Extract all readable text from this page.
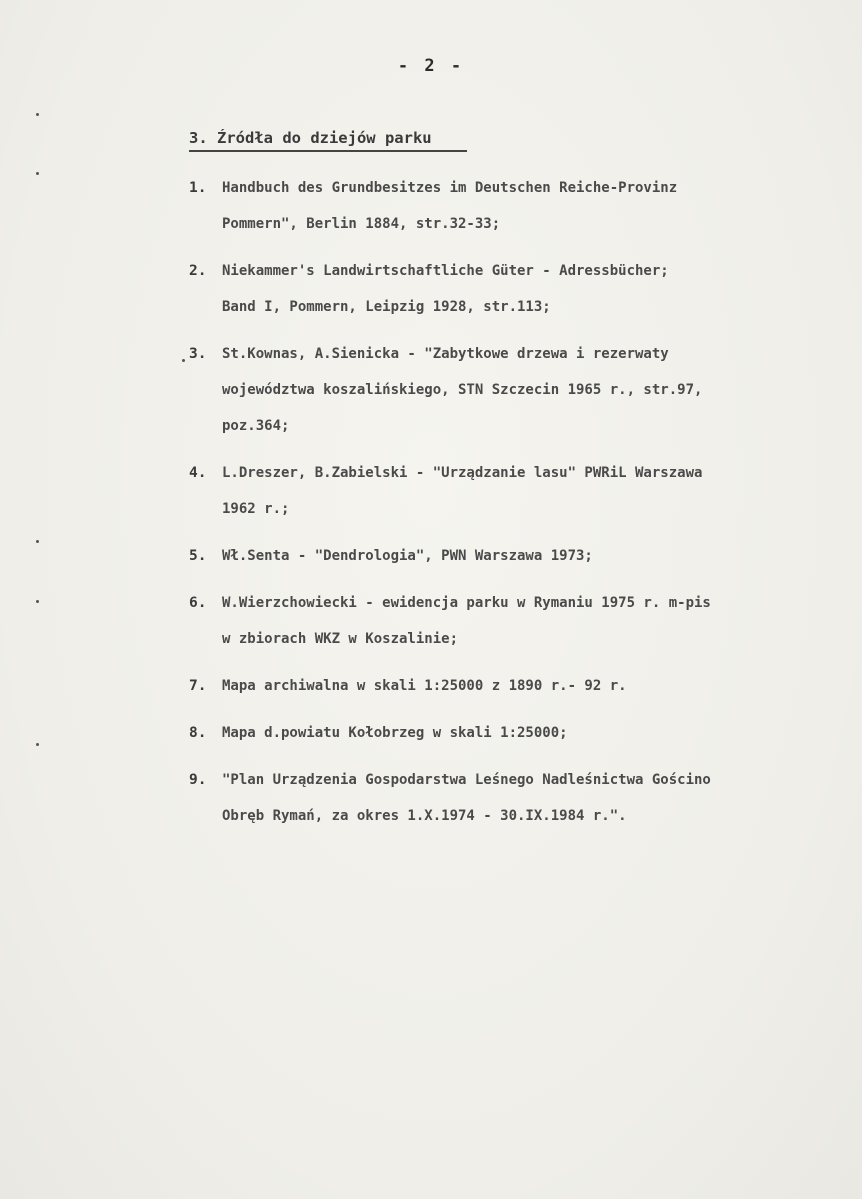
- 2 -
3. Źródła do dziejów parku
1. Handbuch des Grundbesitzes im Deutschen Reiche-Provinz
Pommern", Berlin 1884, str.32-33;
2. Niekammer's Landwirtschaftliche Güter - Adressbücher;
Band I, Pommern, Leipzig 1928, str.113;
3. St.Kownas, A.Sienicka - "Zabytkowe drzewa i rezerwaty
województwa koszalińskiego, STN Szczecin 1965 r., str.97,
poz.364;
4. L.Dreszer, B.Zabielski - "Urządzanie lasu" PWRiL Warszawa
1962 r.;
5. Wł.Senta - "Dendrologia", PWN Warszawa 1973;
6. W.Wierzchowiecki - ewidencja parku w Rymaniu 1975 r. m-pis
w zbiorach WKZ w Koszalinie;
7. Mapa archiwalna w skali 1:25000 z 1890 r.- 92 r.
8. Mapa d.powiatu Kołobrzeg w skali 1:25000;
9. "Plan Urządzenia Gospodarstwa Leśnego Nadleśnictwa Gościno
Obręb Rymań, za okres 1.X.1974 - 30.IX.1984 r.".
